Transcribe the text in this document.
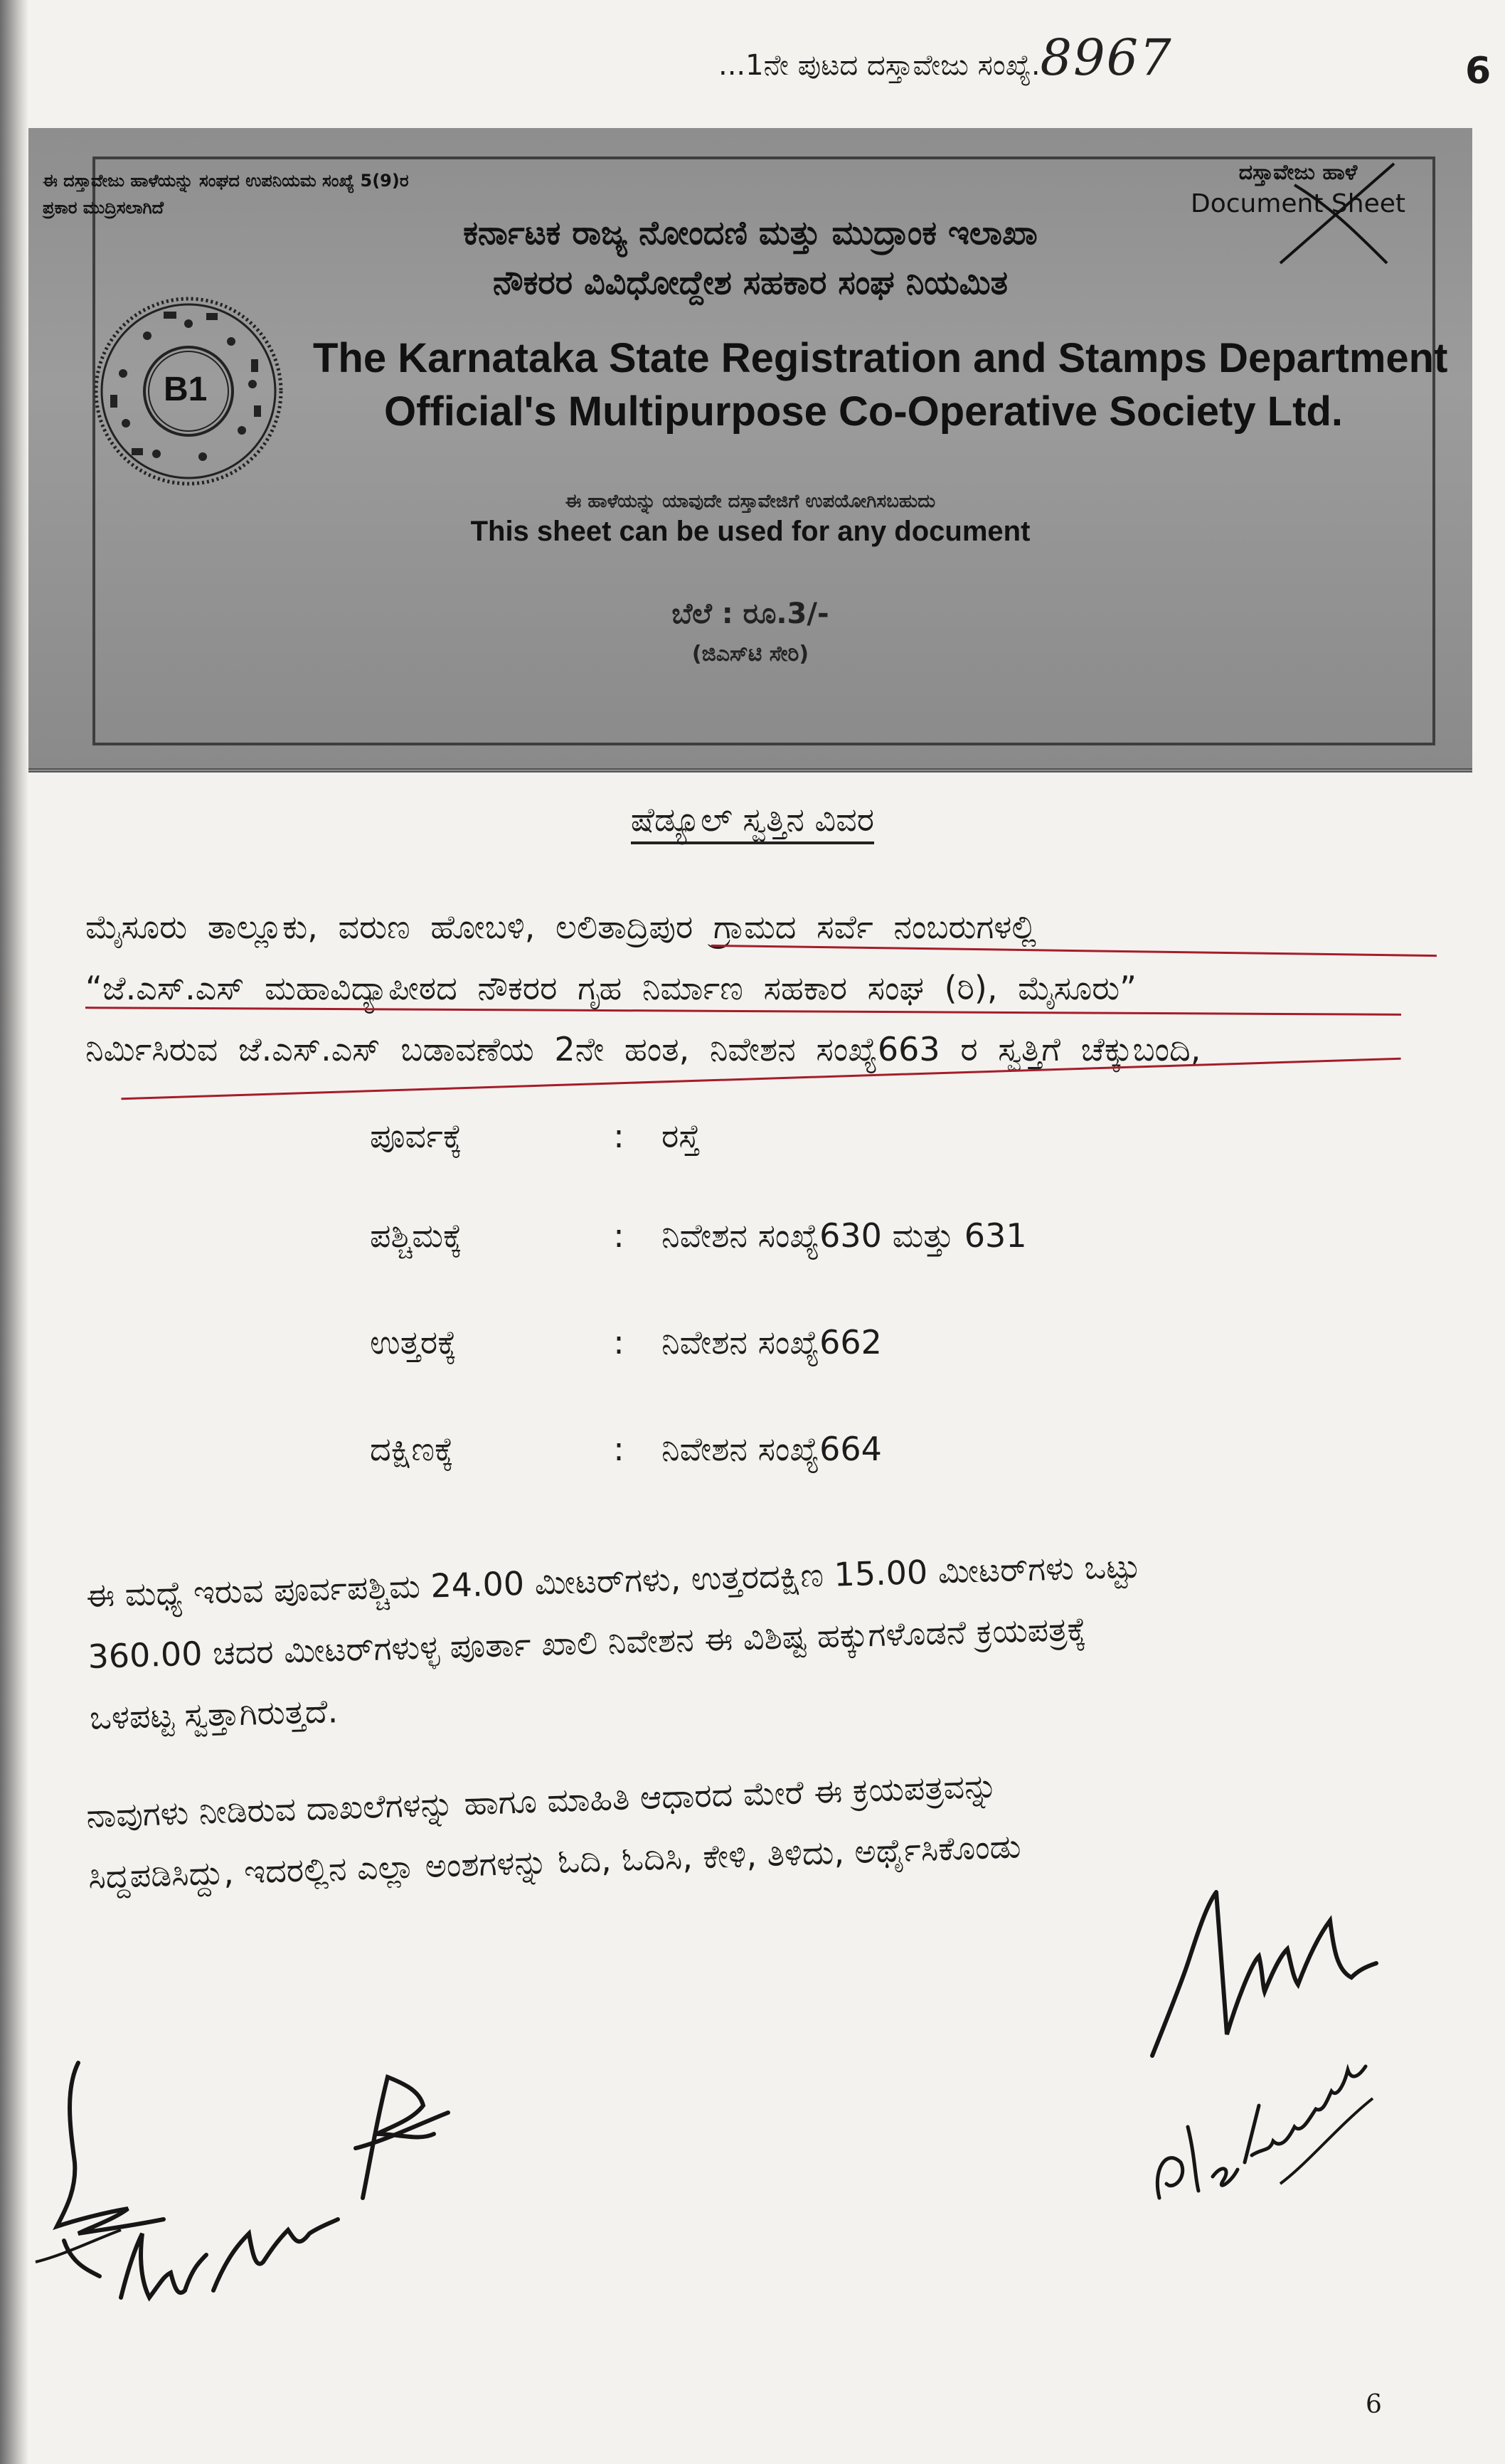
...1ನೇ ಪುಟದ ದಸ್ತಾವೇಜು ಸಂಖ್ಯೆ.8967	6
ಈ ದಸ್ತಾವೇಜು ಹಾಳೆಯನ್ನು ಸಂಘದ ಉಪನಿಯಮ ಸಂಖ್ಯೆ 5(9)ರ ಪ್ರಕಾರ ಮುದ್ರಿಸಲಾಗಿದೆ
ದಸ್ತಾವೇಜು ಹಾಳೆ
Document Sheet
ಕರ್ನಾಟಕ ರಾಜ್ಯ ನೋಂದಣಿ ಮತ್ತು ಮುದ್ರಾಂಕ ಇಲಾಖಾ
ನೌಕರರ ವಿವಿಧೋದ್ದೇಶ ಸಹಕಾರ ಸಂಘ ನಿಯಮಿತ
B1
The Karnataka State Registration and Stamps Department
Official's Multipurpose Co-Operative Society Ltd.
ಈ ಹಾಳೆಯನ್ನು ಯಾವುದೇ ದಸ್ತಾವೇಜಿಗೆ ಉಪಯೋಗಿಸಬಹುದು
This sheet can be used for any document
ಬೆಲೆ : ರೂ.3/-
(ಜಿಎಸ್‌ಟಿ ಸೇರಿ)
ಷೆಡ್ಯೂಲ್ ಸ್ವತ್ತಿನ ವಿವರ
ಮೈಸೂರು ತಾಲ್ಲೂಕು, ವರುಣ ಹೋಬಳಿ, ಲಲಿತಾದ್ರಿಪುರ ಗ್ರಾಮದ ಸರ್ವೆ ನಂಬರುಗಳಲ್ಲಿ
“ಜೆ.ಎಸ್.ಎಸ್ ಮಹಾವಿದ್ಯಾಪೀಠದ ನೌಕರರ ಗೃಹ ನಿರ್ಮಾಣ ಸಹಕಾರ ಸಂಘ (ರಿ), ಮೈಸೂರು”
ನಿರ್ಮಿಸಿರುವ ಜೆ.ಎಸ್.ಎಸ್ ಬಡಾವಣೆಯ 2ನೇ ಹಂತ, ನಿವೇಶನ ಸಂಖ್ಯೆ663 ರ ಸ್ವತ್ತಿಗೆ ಚೆಕ್ಕುಬಂದಿ,
ಪೂರ್ವಕ್ಕೆ	: ರಸ್ತೆ
ಪಶ್ಚಿಮಕ್ಕೆ	: ನಿವೇಶನ ಸಂಖ್ಯೆ630 ಮತ್ತು 631
ಉತ್ತರಕ್ಕೆ	: ನಿವೇಶನ ಸಂಖ್ಯೆ662
ದಕ್ಷಿಣಕ್ಕೆ	: ನಿವೇಶನ ಸಂಖ್ಯೆ664
ಈ ಮಧ್ಯೆ ಇರುವ ಪೂರ್ವಪಶ್ಚಿಮ 24.00 ಮೀಟರ್‌ಗಳು, ಉತ್ತರದಕ್ಷಿಣ 15.00 ಮೀಟರ್‌ಗಳು ಒಟ್ಟು
360.00 ಚದರ ಮೀಟರ್‌ಗಳುಳ್ಳ ಪೂರ್ತಾ ಖಾಲಿ ನಿವೇಶನ ಈ ವಿಶಿಷ್ಟ ಹಕ್ಕುಗಳೊಡನೆ ಕ್ರಯಪತ್ರಕ್ಕೆ
ಒಳಪಟ್ಟ ಸ್ವತ್ತಾಗಿರುತ್ತದೆ.
ನಾವುಗಳು ನೀಡಿರುವ ದಾಖಲೆಗಳನ್ನು ಹಾಗೂ ಮಾಹಿತಿ ಆಧಾರದ ಮೇರೆ ಈ ಕ್ರಯಪತ್ರವನ್ನು
ಸಿದ್ದಪಡಿಸಿದ್ದು, ಇದರಲ್ಲಿನ ಎಲ್ಲಾ ಅಂಶಗಳನ್ನು ಓದಿ, ಓದಿಸಿ, ಕೇಳಿ, ತಿಳಿದು, ಅರ್ಥೈಸಿಕೊಂಡು
6
